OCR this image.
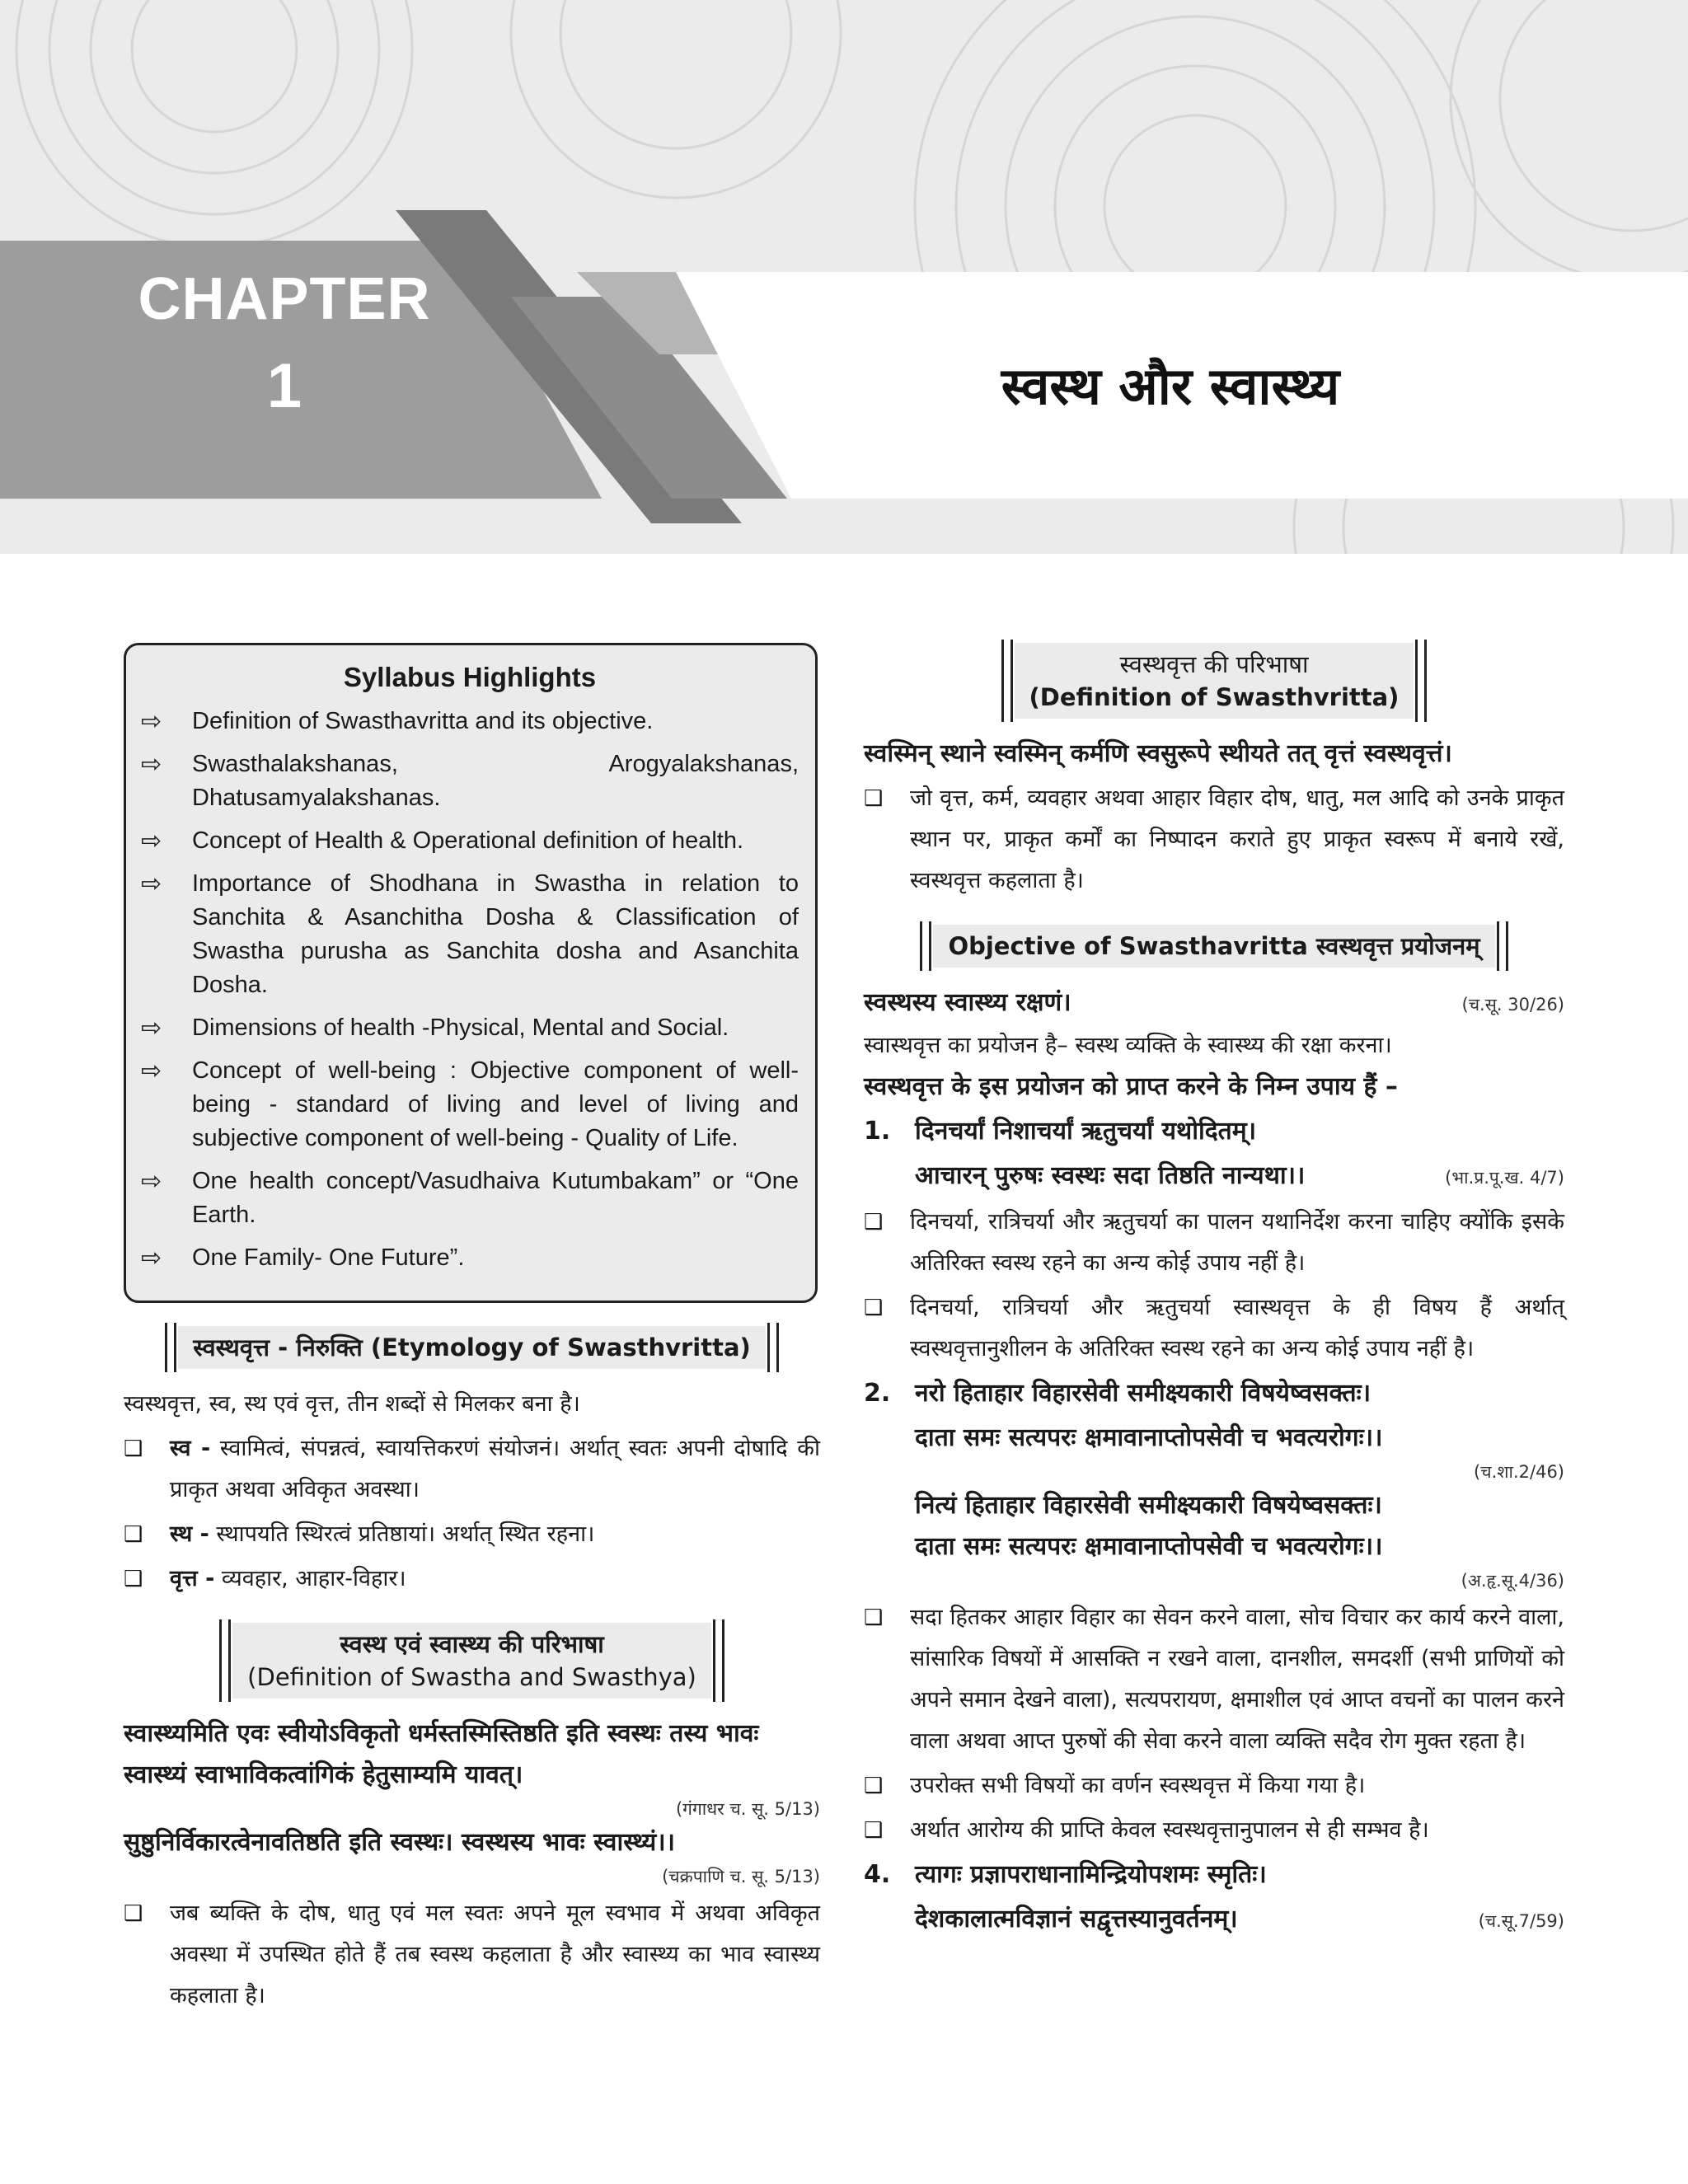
CHAPTER
1	स्वस्थ और स्वास्थ्य
Syllabus Highlights
⇨	Definition of Swasthavritta and its objective.
⇨	Swasthalakshanas, Arogyalakshanas, Dhatusamyalakshanas.
⇨	Concept of Health & Operational definition of health.
⇨	Importance of Shodhana in Swastha in relation to Sanchita & Asanchitha Dosha & Classification of Swastha purusha as Sanchita dosha and Asanchita Dosha.
⇨	Dimensions of health -Physical, Mental and Social.
⇨	Concept of well-being : Objective component of well-being - standard of living and level of living and subjective component of well-being - Quality of Life.
⇨	One health concept/Vasudhaiva Kutumbakam” or “One Earth.
⇨	One Family- One Future”.
स्वस्थवृत्त - निरुक्ति (Etymology of Swasthvritta)

स्वस्थवृत्त, स्व, स्थ एवं वृत्त, तीन शब्दों से मिलकर बना है।

❑	स्व - स्वामित्वं, संपन्नत्वं, स्वायत्तिकरणं संयोजनं। अर्थात् स्वतः अपनी दोषादि की प्राकृत अथवा अविकृत अवस्था।
❑	स्थ - स्थापयति स्थिरत्वं प्रतिष्ठायां। अर्थात् स्थित रहना।
❑	वृत्त - व्यवहार, आहार-विहार।
स्वस्थ एवं स्वास्थ्य की परिभाषा
(Definition of Swastha and Swasthya)

स्वास्थ्यमिति एवः स्वीयोऽविकृतो धर्मस्तस्मिस्तिष्ठति इति स्वस्थः तस्य भावः स्वास्थ्यं स्वाभाविकत्वांगिकं हेतुसाम्यमि यावत्।

(गंगाधर च. सू. 5/13)

सुष्ठुनिर्विकारत्वेनावतिष्ठति इति स्वस्थः। स्वस्थस्य भावः स्वास्थ्यं।।

(चक्रपाणि च. सू. 5/13)

❑	जब ब्यक्ति के दोष, धातु एवं मल स्वतः अपने मूल स्वभाव में अथवा अविकृत अवस्था में उपस्थित होते हैं तब स्वस्थ कहलाता है और स्वास्थ्य का भाव स्वास्थ्य कहलाता है।
स्वस्थवृत्त की परिभाषा
(Definition of Swasthvritta)

स्वस्मिन् स्थाने स्वस्मिन् कर्मणि स्वसुरूपे स्थीयते तत् वृत्तं स्वस्थवृत्तं।

❑	जो वृत्त, कर्म, व्यवहार अथवा आहार विहार दोष, धातु, मल आदि को उनके प्राकृत स्थान पर, प्राकृत कर्मों का निष्पादन कराते हुए प्राकृत स्वरूप में बनाये रखें, स्वस्थवृत्त कहलाता है।
Objective of Swasthavritta स्वस्थवृत्त प्रयोजनम्
स्वस्थस्य स्वास्थ्य रक्षणं।	(च.सू. 30/26)

स्वास्थवृत्त का प्रयोजन है– स्वस्थ व्यक्ति के स्वास्थ्य की रक्षा करना।

स्वस्थवृत्त के इस प्रयोजन को प्राप्त करने के निम्न उपाय हैं –

1. दिनचर्यां निशाचर्यां ऋतुचर्यां यथोदितम्।
आचारन् पुरुषः स्वस्थः सदा तिष्ठति नान्यथा।।	(भा.प्र.पू.ख. 4/7)
❑	दिनचर्या, रात्रिचर्या और ऋतुचर्या का पालन यथानिर्देश करना चाहिए क्योंकि इसके अतिरिक्त स्वस्थ रहने का अन्य कोई उपाय नहीं है।
❑	दिनचर्या, रात्रिचर्या और ऋतुचर्या स्वास्थवृत्त के ही विषय हैं अर्थात् स्वस्थवृत्तानुशीलन के अतिरिक्त स्वस्थ रहने का अन्य कोई उपाय नहीं है।
2. नरो हिताहार विहारसेवी समीक्ष्यकारी विषयेष्वसक्तः।
दाता समः सत्यपरः क्षमावानाप्तोपसेवी च भवत्यरोगः।।

(च.शा.2/46)

नित्यं हिताहार विहारसेवी समीक्ष्यकारी विषयेष्वसक्तः।
दाता समः सत्यपरः क्षमावानाप्तोपसेवी च भवत्यरोगः।।

(अ.हृ.सू.4/36)

❑	सदा हितकर आहार विहार का सेवन करने वाला, सोच विचार कर कार्य करने वाला, सांसारिक विषयों में आसक्ति न रखने वाला, दानशील, समदर्शी (सभी प्राणियों को अपने समान देखने वाला), सत्यपरायण, क्षमाशील एवं आप्त वचनों का पालन करने वाला अथवा आप्त पुरुषों की सेवा करने वाला व्यक्ति सदैव रोग मुक्त रहता है।
❑	उपरोक्त सभी विषयों का वर्णन स्वस्थवृत्त में किया गया है।
❑	अर्थात आरोग्य की प्राप्ति केवल स्वस्थवृत्तानुपालन से ही सम्भव है।
4. त्यागः प्रज्ञापराधानामिन्द्रियोपशमः स्मृतिः।
देशकालात्मविज्ञानं सद्वृत्तस्यानुवर्तनम्।	(च.सू.7/59)
